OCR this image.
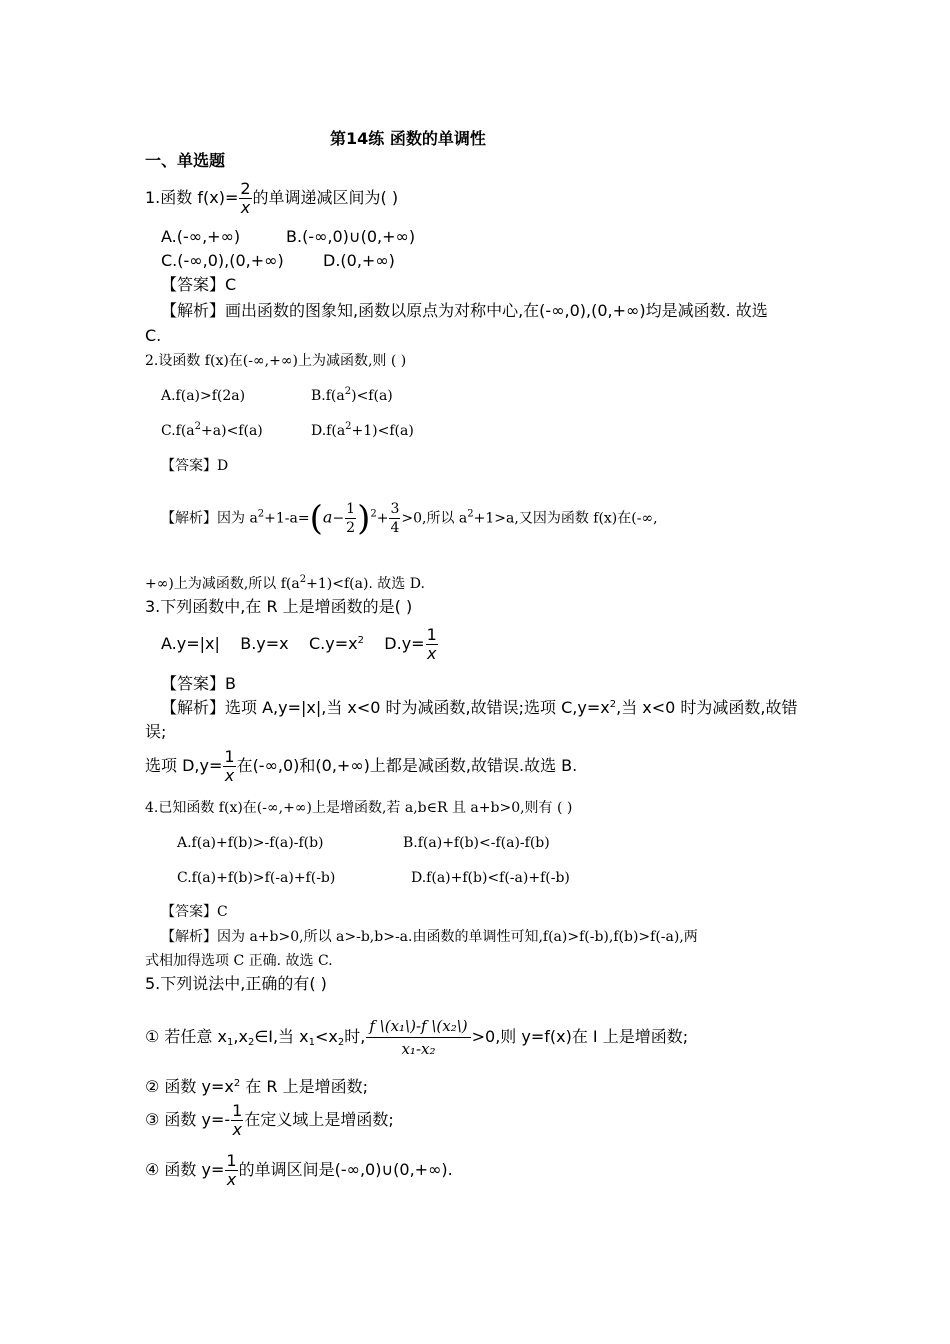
第14练 函数的单调性
一、单选题
1.函数 $f(x)= \frac{2}{x}$ 的单调递减区间为( )
A.(-∞,+∞)	B.(-∞,0)∪(0,+∞)
C.(-∞,0),(0,+∞) D.(0,+∞)
【答案】C
【解析】画出函数的图象知,函数以原点为对称中心,在(-∞,0),(0,+∞)均是减函数. 故选
C.
2.设函数 f(x)在(-∞,+∞)上为减函数,则 ( )
A.f(a)>f(2a)	$B.f(a^2)<f(a)$
$C.f(a^2+a)<f(a)$	$D.f(a^2+1)<f(a)$
【答案】D
【解析】因为 $a^2+1-a=(a- \frac{1}{2} )^2+ \frac{3}{4} >0$,所以 $a^2+1>a$,又因为函数 f(x)在(-∞,
+∞)上为减函数,所以 $f(a^2+1)<f(a)$. 故选 D.
3.下列函数中,在 R 上是增函数的是( )
A.y=|x| B.y=x $C.y=x^2$ $D.y= \frac{1}{x}$
【答案】B
【解析】选项 A,y=|x|,当 x<0 时为减函数,故错误;选项 $C,y=x^2$,当 x<0 时为减函数,故错
误;
选项 $D,y= \frac{1}{x}$ 在(-∞,0)和(0,+∞)上都是减函数,故错误.故选 B.
4.已知函数 f(x)在(-∞,+∞)上是增函数,若 a,b∈R 且 a+b>0,则有 ( )
A.f(a)+f(b)>-f(a)-f(b)	B.f(a)+f(b)<-f(a)-f(b)
C.f(a)+f(b)>f(-a)+f(-b)	D.f(a)+f(b)<f(-a)+f(-b)
【答案】C
【解析】因为 a+b>0,所以 a>-b,b>-a.由函数的单调性可知,f(a)>f(-b),f(b)>f(-a),两
式相加得选项 C 正确. 故选 C.
5.下列说法中,正确的有( )
① 若任意 $x_1,x_2\in I$,当 $x_1<x_2$时, $\frac{\text{f \textbackslash{}(x₁\textbackslash{})-f \textbackslash{}(x₂\textbackslash{})}}{\text{x₁-x₂}} >0$,则 y=f(x)在 I 上是增函数;
② 函数 $y=x^2$ 在 R 上是增函数;
③ 函数 $y=- \frac{1}{x}$ 在定义域上是增函数;
④ 函数 $y= \frac{1}{x}$ 的单调区间是(-∞,0)∪(0,+∞).
